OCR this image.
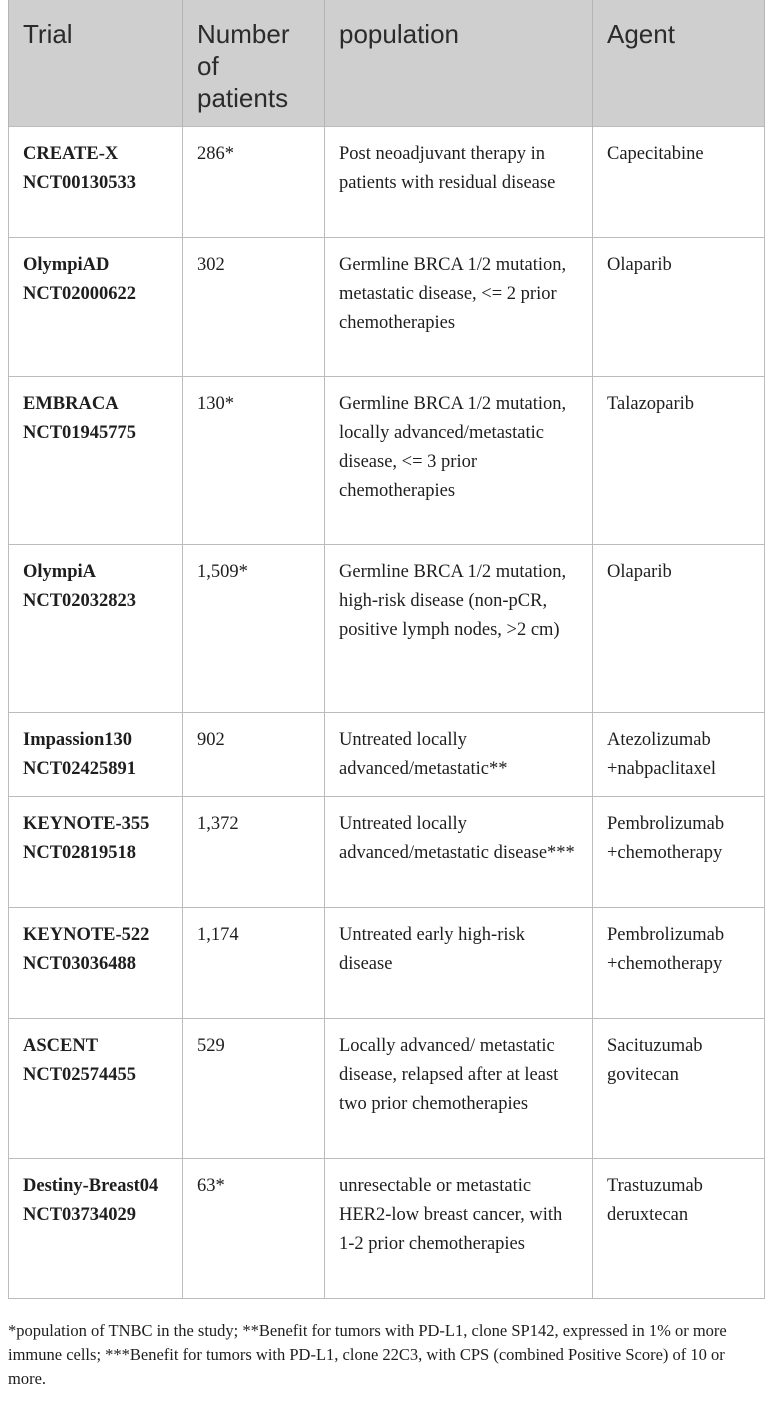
Trial	Number of patients	population	Agent

CREATE-X
NCT00130533	286*	Post neoadjuvant therapy in patients with residual disease	Capecitabine

OlympiAD
NCT02000622	302	Germline BRCA 1/2 mutation, metastatic disease, <= 2 prior chemotherapies	Olaparib

EMBRACA
NCT01945775	130*	Germline BRCA 1/2 mutation, locally advanced/metastatic disease, <= 3 prior chemotherapies	Talazoparib

OlympiA
NCT02032823	1,509*	Germline BRCA 1/2 mutation, high-risk disease (non-pCR, positive lymph nodes, >2 cm)	Olaparib

Impassion130
NCT02425891	902	Untreated locally advanced/metastatic**	Atezolizumab +nabpaclitaxel

KEYNOTE-355
NCT02819518	1,372	Untreated locally advanced/metastatic disease***	Pembrolizumab +chemotherapy

KEYNOTE-522
NCT03036488	1,174	Untreated early high-risk disease	Pembrolizumab +chemotherapy

ASCENT
NCT02574455	529	Locally advanced/ metastatic disease, relapsed after at least two prior chemotherapies	Sacituzumab govitecan

Destiny-Breast04
NCT03734029	63*	unresectable or metastatic HER2-low breast cancer, with 1-2 prior chemotherapies	Trastuzumab deruxtecan
*population of TNBC in the study; **Benefit for tumors with PD-L1, clone SP142, expressed in 1% or more immune cells; ***Benefit for tumors with PD-L1, clone 22C3, with CPS (combined Positive Score) of 10 or more.
